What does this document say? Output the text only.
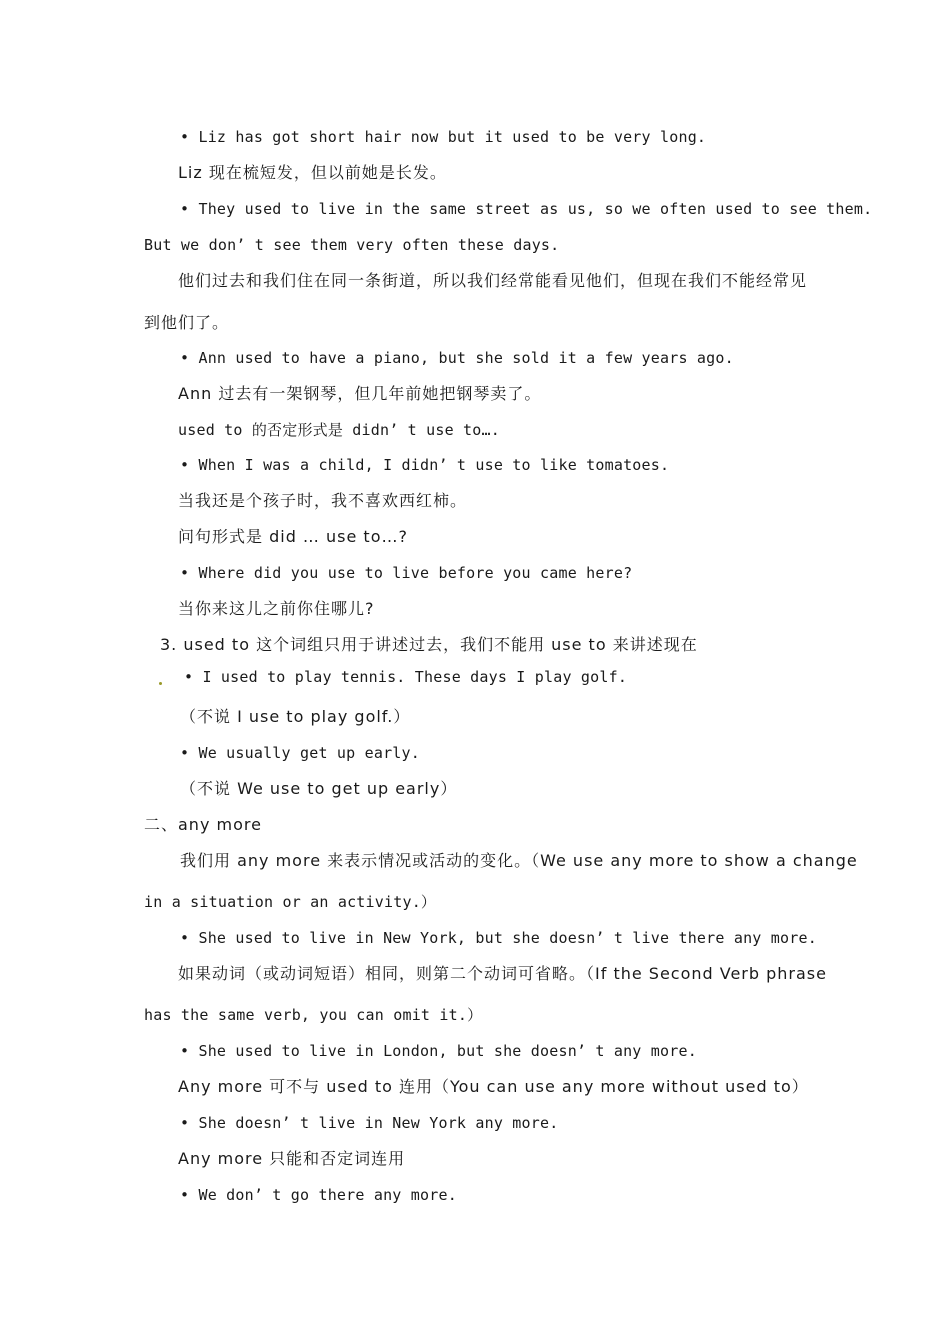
• Liz has got short hair now but it used to be very long.
Liz 现在梳短发，但以前她是长发。
• They used to live in the same street as us, so we often used to see them.
But we don’ t see them very often these days.
他们过去和我们住在同一条街道，所以我们经常能看见他们，但现在我们不能经常见
到他们了。
• Ann used to have a piano, but she sold it a few years ago.
Ann 过去有一架钢琴，但几年前她把钢琴卖了。
used to 的否定形式是 didn’ t use to….
• When I was a child, I didn’ t use to like tomatoes.
当我还是个孩子时，我不喜欢西红柿。
问句形式是 did … use to…?
• Where did you use to live before you came here?
当你来这儿之前你住哪儿?
3. used to 这个词组只用于讲述过去，我们不能用 use to 来讲述现在
• I used to play tennis. These days I play golf.
（不说 I use to play golf.）
• We usually get up early.
（不说 We use to get up early）
二、any more
我们用 any more 来表示情况或活动的变化。（We use any more to show a change
in a situation or an activity.）
• She used to live in New York, but she doesn’ t live there any more.
如果动词（或动词短语）相同，则第二个动词可省略。（If the Second Verb phrase
has the same verb, you can omit it.）
• She used to live in London, but she doesn’ t any more.
Any more 可不与 used to 连用（You can use any more without used to）
• She doesn’ t live in New York any more.
Any more 只能和否定词连用
• We don’ t go there any more.
